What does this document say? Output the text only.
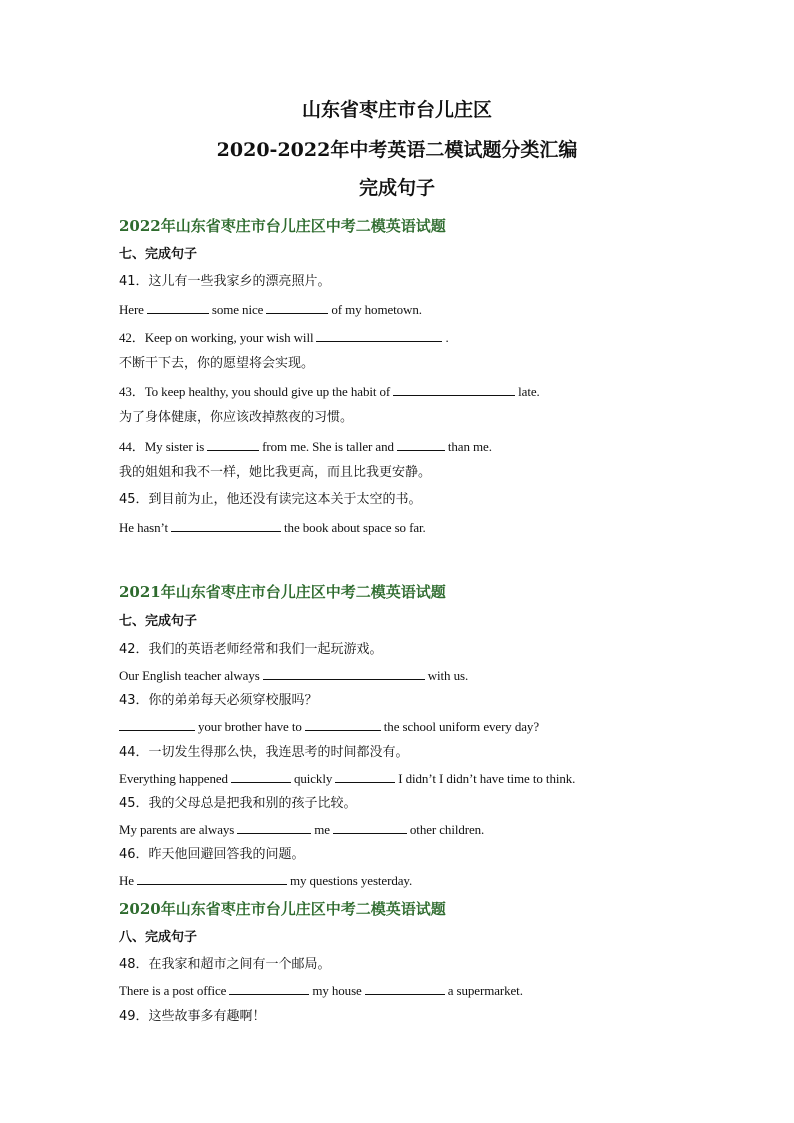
山东省枣庄市台儿庄区
2020-2022年中考英语二模试题分类汇编
完成句子
2022年山东省枣庄市台儿庄区中考二模英语试题
七、完成句子
41．这儿有一些我家乡的漂亮照片。
Here	some nice	of my hometown.
42．Keep on working, your wish will	.
不断干下去，你的愿望将会实现。
43．To keep healthy, you should give up the habit of	late.
为了身体健康，你应该改掉熬夜的习惯。
44．My sister is	from me. She is taller and	than me.
我的姐姐和我不一样，她比我更高，而且比我更安静。
45．到目前为止，他还没有读完这本关于太空的书。
He hasn’t	the book about space so far.
2021年山东省枣庄市台儿庄区中考二模英语试题
七、完成句子
42．我们的英语老师经常和我们一起玩游戏。
Our English teacher always	with us.
43．你的弟弟每天必须穿校服吗？
your brother have to	the school uniform every day?
44．一切发生得那么快，我连思考的时间都没有。
Everything happened	quickly	I didn’t I didn’t have time to think.
45．我的父母总是把我和别的孩子比较。
My parents are always	me	other children.
46．昨天他回避回答我的问题。
He	my questions yesterday.
2020年山东省枣庄市台儿庄区中考二模英语试题
八、完成句子
48．在我家和超市之间有一个邮局。
There is a post office	my house	a supermarket.
49．这些故事多有趣啊！
